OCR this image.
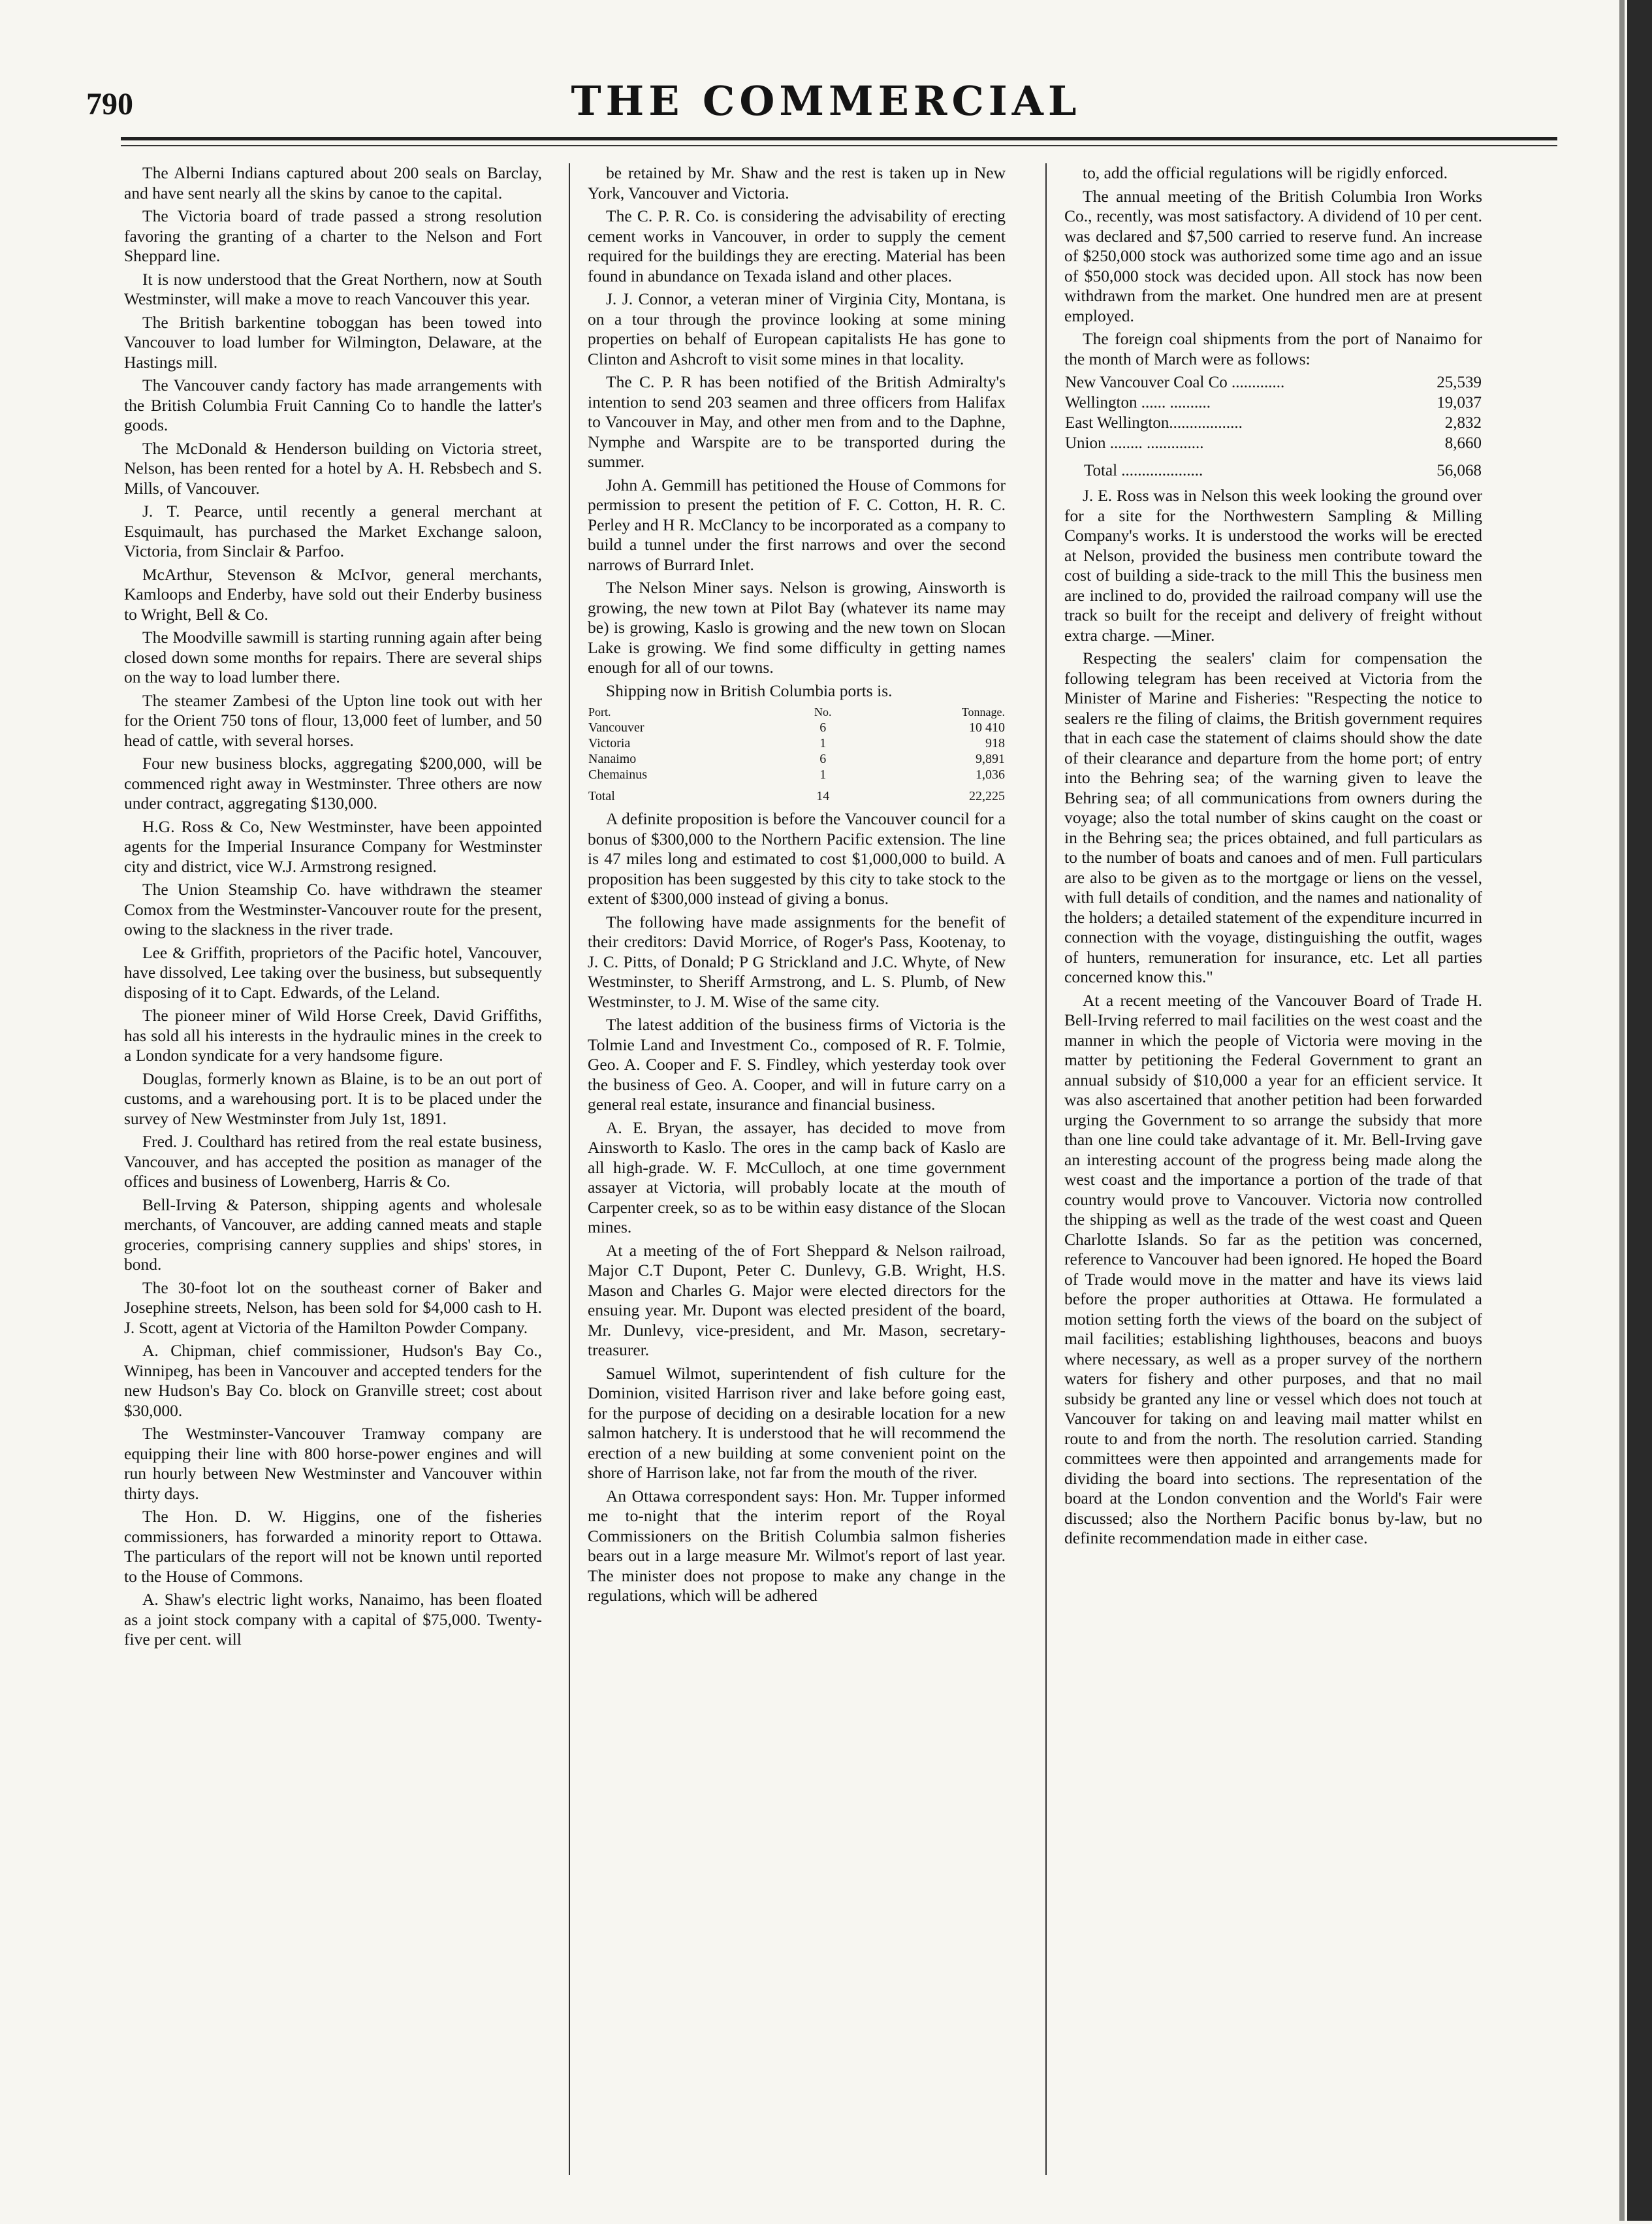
790	THE COMMERCIAL

The Alberni Indians captured about 200 seals on Barclay, and have sent nearly all the skins by canoe to the capital.

The Victoria board of trade passed a strong resolution favoring the granting of a charter to the Nelson and Fort Sheppard line.

It is now understood that the Great Northern, now at South Westminster, will make a move to reach Vancouver this year.

The British barkentine toboggan has been towed into Vancouver to load lumber for Wilmington, Delaware, at the Hastings mill.

The Vancouver candy factory has made arrangements with the British Columbia Fruit Canning Co to handle the latter's goods.

The McDonald & Henderson building on Victoria street, Nelson, has been rented for a hotel by A. H. Rebsbech and S. Mills, of Vancouver.

J. T. Pearce, until recently a general merchant at Esquimault, has purchased the Market Exchange saloon, Victoria, from Sinclair & Parfoo.

McArthur, Stevenson & McIvor, general merchants, Kamloops and Enderby, have sold out their Enderby business to Wright, Bell & Co.

The Moodville sawmill is starting running again after being closed down some months for repairs. There are several ships on the way to load lumber there.

The steamer Zambesi of the Upton line took out with her for the Orient 750 tons of flour, 13,000 feet of lumber, and 50 head of cattle, with several horses.

Four new business blocks, aggregating $200,000, will be commenced right away in Westminster. Three others are now under contract, aggregating $130,000.

H.G. Ross & Co, New Westminster, have been appointed agents for the Imperial Insurance Company for Westminster city and district, vice W.J. Armstrong resigned.

The Union Steamship Co. have withdrawn the steamer Comox from the Westminster-Vancouver route for the present, owing to the slackness in the river trade.

Lee & Griffith, proprietors of the Pacific hotel, Vancouver, have dissolved, Lee taking over the business, but subsequently disposing of it to Capt. Edwards, of the Leland.

The pioneer miner of Wild Horse Creek, David Griffiths, has sold all his interests in the hydraulic mines in the creek to a London syndicate for a very handsome figure.

Douglas, formerly known as Blaine, is to be an out port of customs, and a warehousing port. It is to be placed under the survey of New Westminster from July 1st, 1891.

Fred. J. Coulthard has retired from the real estate business, Vancouver, and has accepted the position as manager of the offices and business of Lowenberg, Harris & Co.

Bell-Irving & Paterson, shipping agents and wholesale merchants, of Vancouver, are adding canned meats and staple groceries, comprising cannery supplies and ships' stores, in bond.

The 30-foot lot on the southeast corner of Baker and Josephine streets, Nelson, has been sold for $4,000 cash to H. J. Scott, agent at Victoria of the Hamilton Powder Company.

A. Chipman, chief commissioner, Hudson's Bay Co., Winnipeg, has been in Vancouver and accepted tenders for the new Hudson's Bay Co. block on Granville street; cost about $30,000.

The Westminster-Vancouver Tramway company are equipping their line with 800 horse-power engines and will run hourly between New Westminster and Vancouver within thirty days.

The Hon. D. W. Higgins, one of the fisheries commissioners, has forwarded a minority report to Ottawa. The particulars of the report will not be known until reported to the House of Commons.

A. Shaw's electric light works, Nanaimo, has been floated as a joint stock company with a capital of $75,000. Twenty-five per cent. will

be retained by Mr. Shaw and the rest is taken up in New York, Vancouver and Victoria.

The C. P. R. Co. is considering the advisability of erecting cement works in Vancouver, in order to supply the cement required for the buildings they are erecting. Material has been found in abundance on Texada island and other places.

J. J. Connor, a veteran miner of Virginia City, Montana, is on a tour through the province looking at some mining properties on behalf of European capitalists He has gone to Clinton and Ashcroft to visit some mines in that locality.

The C. P. R has been notified of the British Admiralty's intention to send 203 seamen and three officers from Halifax to Vancouver in May, and other men from and to the Daphne, Nymphe and Warspite are to be transported during the summer.

John A. Gemmill has petitioned the House of Commons for permission to present the petition of F. C. Cotton, H. R. C. Perley and H R. McClancy to be incorporated as a company to build a tunnel under the first narrows and over the second narrows of Burrard Inlet.

The Nelson Miner says. Nelson is growing, Ainsworth is growing, the new town at Pilot Bay (whatever its name may be) is growing, Kaslo is growing and the new town on Slocan Lake is growing. We find some difficulty in getting names enough for all of our towns.

Shipping now in British Columbia ports is.

Port.	No.	Tonnage.
Vancouver	6	10 410
Victoria	1	918
Nanaimo	6	9,891
Chemainus	1	1,036
Total	14	22,225

A definite proposition is before the Vancouver council for a bonus of $300,000 to the Northern Pacific extension. The line is 47 miles long and estimated to cost $1,000,000 to build. A proposition has been suggested by this city to take stock to the extent of $300,000 instead of giving a bonus.

The following have made assignments for the benefit of their creditors: David Morrice, of Roger's Pass, Kootenay, to J. C. Pitts, of Donald; P G Strickland and J.C. Whyte, of New Westminster, to Sheriff Armstrong, and L. S. Plumb, of New Westminster, to J. M. Wise of the same city.

The latest addition of the business firms of Victoria is the Tolmie Land and Investment Co., composed of R. F. Tolmie, Geo. A. Cooper and F. S. Findley, which yesterday took over the business of Geo. A. Cooper, and will in future carry on a general real estate, insurance and financial business.

A. E. Bryan, the assayer, has decided to move from Ainsworth to Kaslo. The ores in the camp back of Kaslo are all high-grade. W. F. McCulloch, at one time government assayer at Victoria, will probably locate at the mouth of Carpenter creek, so as to be within easy distance of the Slocan mines.

At a meeting of the of Fort Sheppard & Nelson railroad, Major C.T Dupont, Peter C. Dunlevy, G.B. Wright, H.S. Mason and Charles G. Major were elected directors for the ensuing year. Mr. Dupont was elected president of the board, Mr. Dunlevy, vice-president, and Mr. Mason, secretary-treasurer.

Samuel Wilmot, superintendent of fish culture for the Dominion, visited Harrison river and lake before going east, for the purpose of deciding on a desirable location for a new salmon hatchery. It is understood that he will recommend the erection of a new building at some convenient point on the shore of Harrison lake, not far from the mouth of the river.

An Ottawa correspondent says: Hon. Mr. Tupper informed me to-night that the interim report of the Royal Commissioners on the British Columbia salmon fisheries bears out in a large measure Mr. Wilmot's report of last year. The minister does not propose to make any change in the regulations, which will be adhered

to, add the official regulations will be rigidly enforced.

The annual meeting of the British Columbia Iron Works Co., recently, was most satisfactory. A dividend of 10 per cent. was declared and $7,500 carried to reserve fund. An increase of $250,000 stock was authorized some time ago and an issue of $50,000 stock was decided upon. All stock has now been withdrawn from the market. One hundred men are at present employed.

The foreign coal shipments from the port of Nanaimo for the month of March were as follows:

New Vancouver Coal Co .............	25,539
Wellington ...... ..........	19,037
East Wellington..................	2,832
Union ........ ..............	8,660
Total ....................	56,068

J. E. Ross was in Nelson this week looking the ground over for a site for the Northwestern Sampling & Milling Company's works. It is understood the works will be erected at Nelson, provided the business men contribute toward the cost of building a side-track to the mill This the business men are inclined to do, provided the railroad company will use the track so built for the receipt and delivery of freight without extra charge. —Miner.

Respecting the sealers' claim for compensation the following telegram has been received at Victoria from the Minister of Marine and Fisheries: "Respecting the notice to sealers re the filing of claims, the British government requires that in each case the statement of claims should show the date of their clearance and departure from the home port; of entry into the Behring sea; of the warning given to leave the Behring sea; of all communications from owners during the voyage; also the total number of skins caught on the coast or in the Behring sea; the prices obtained, and full particulars as to the number of boats and canoes and of men. Full particulars are also to be given as to the mortgage or liens on the vessel, with full details of condition, and the names and nationality of the holders; a detailed statement of the expenditure incurred in connection with the voyage, distinguishing the outfit, wages of hunters, remuneration for insurance, etc. Let all parties concerned know this."

At a recent meeting of the Vancouver Board of Trade H. Bell-Irving referred to mail facilities on the west coast and the manner in which the people of Victoria were moving in the matter by petitioning the Federal Government to grant an annual subsidy of $10,000 a year for an efficient service. It was also ascertained that another petition had been forwarded urging the Government to so arrange the subsidy that more than one line could take advantage of it. Mr. Bell-Irving gave an interesting account of the progress being made along the west coast and the importance a portion of the trade of that country would prove to Vancouver. Victoria now controlled the shipping as well as the trade of the west coast and Queen Charlotte Islands. So far as the petition was concerned, reference to Vancouver had been ignored. He hoped the Board of Trade would move in the matter and have its views laid before the proper authorities at Ottawa. He formulated a motion setting forth the views of the board on the subject of mail facilities; establishing lighthouses, beacons and buoys where necessary, as well as a proper survey of the northern waters for fishery and other purposes, and that no mail subsidy be granted any line or vessel which does not touch at Vancouver for taking on and leaving mail matter whilst en route to and from the north. The resolution carried. Standing committees were then appointed and arrangements made for dividing the board into sections. The representation of the board at the London convention and the World's Fair were discussed; also the Northern Pacific bonus by-law, but no definite recommendation made in either case.
